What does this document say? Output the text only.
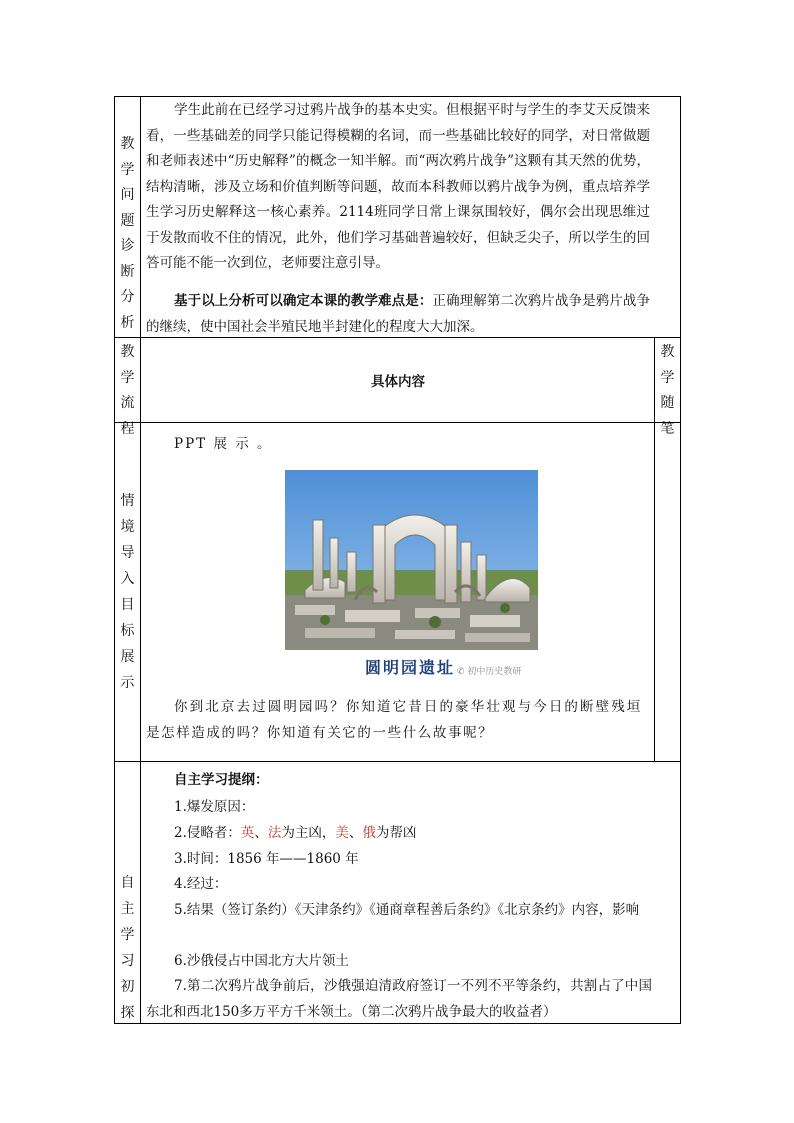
教
学
问
题
诊
断
分
析
学生此前在已经学习过鸦片战争的基本史实。但根据平时与学生的李艾天反馈来看，一些基础差的同学只能记得模糊的名词，而一些基础比较好的同学，对日常做题和老师表述中“历史解释”的概念一知半解。而“两次鸦片战争”这颗有其天然的优势，结构清晰，涉及立场和价值判断等问题，故而本科教师以鸦片战争为例，重点培养学生学习历史解释这一核心素养。2114班同学日常上课氛围较好，偶尔会出现思维过于发散而收不住的情况，此外，他们学习基础普遍较好，但缺乏尖子，所以学生的回答可能不能一次到位，老师要注意引导。
基于以上分析可以确定本课的教学难点是：正确理解第二次鸦片战争是鸦片战争的继续，使中国社会半殖民地半封建化的程度大大加深。
教
学
流
程
具体内容
教
学
随
笔
情
境
导
入
目
标
展
示
PPT 展 示 。
圆明园遗址 ✆ 初中历史教研
你到北京去过圆明园吗？你知道它昔日的豪华壮观与今日的断壁残垣是怎样造成的吗？你知道有关它的一些什么故事呢？
自
主
学
习
初
探
自主学习提纲：
1.爆发原因：
2.侵略者：英、法为主凶，美、俄为帮凶
3.时间：1856 年——1860 年
4.经过：
5.结果（签订条约）《天津条约》《通商章程善后条约》《北京条约》内容，影响
6.沙俄侵占中国北方大片领土
7.第二次鸦片战争前后，沙俄强迫清政府签订一不列不平等条约，共割占了中国东北和西北150多万平方千米领土。（第二次鸦片战争最大的收益者）
